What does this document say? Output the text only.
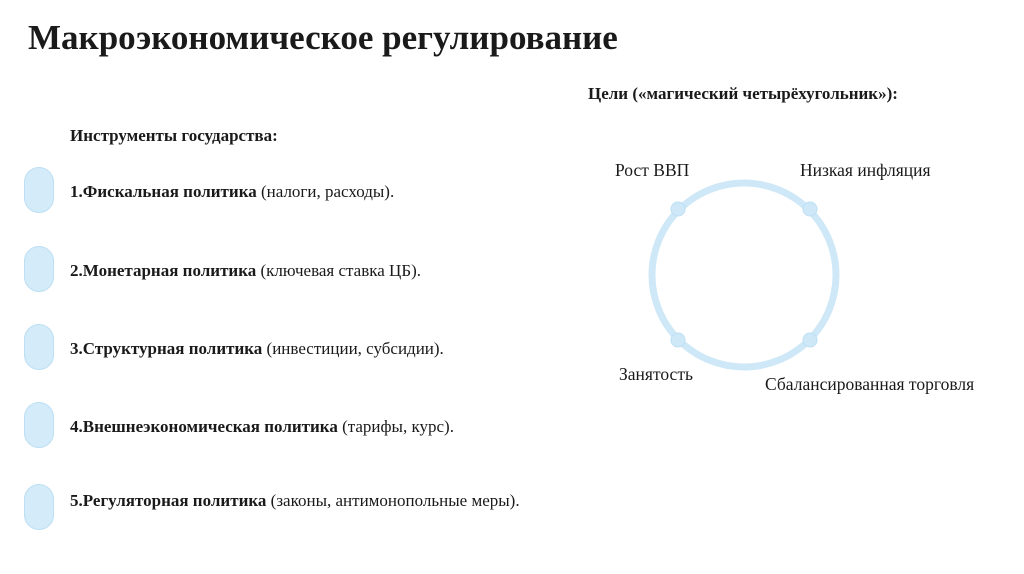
Макроэкономическое регулирование
Инструменты государства:
1.Фискальная политика (налоги, расходы).
2.Монетарная политика (ключевая ставка ЦБ).
3.Структурная политика (инвестиции, субсидии).
4.Внешнеэкономическая политика (тарифы, курс).
5.Регуляторная политика (законы, антимонопольные меры).
Цели («магический четырёхугольник»):
Рост ВВП	Низкая инфляция
Занятость	Сбалансированная торговля
